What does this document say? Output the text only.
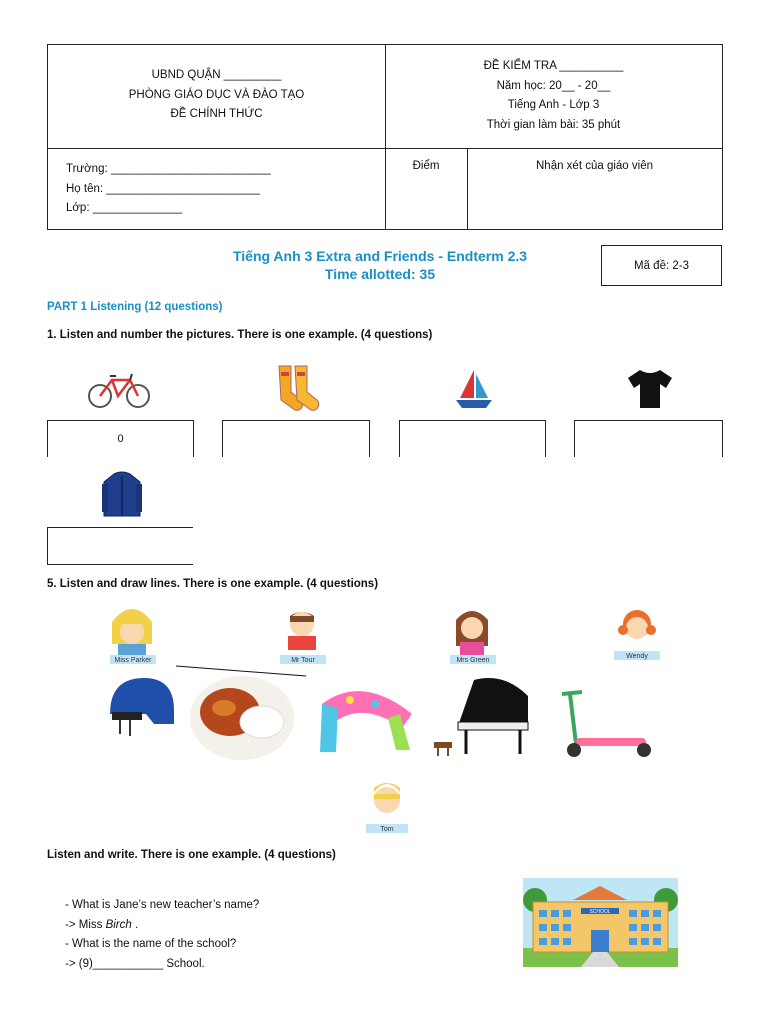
UBND QUẬN _________
PHÒNG GIÁO DỤC VÀ ĐÀO TẠO
ĐỀ CHÍNH THỨC
ĐỀ KIỂM TRA __________
Năm học: 20__ - 20__
Tiếng Anh - Lớp 3
Thời gian làm bài: 35 phút
Trường: _________________________
Họ tên: ________________________
Lớp: ______________
Điểm	Nhận xét của giáo viên
Tiếng Anh 3 Extra and Friends - Endterm 2.3
Time allotted: 35
Mã đề: 2-3
PART 1 Listening (12 questions)
1. Listen and number the pictures. There is one example. (4 questions)
0
5. Listen and draw lines. There is one example. (4 questions)
Miss Parker	Mr Tour	Mrs Green
Wendy
Tom
Listen and write. There is one example. (4 questions)
- What is Jane’s new teacher’s name?
-> Miss Birch .
- What is the name of the school?
-> (9)___________ School.
SCHOOL
